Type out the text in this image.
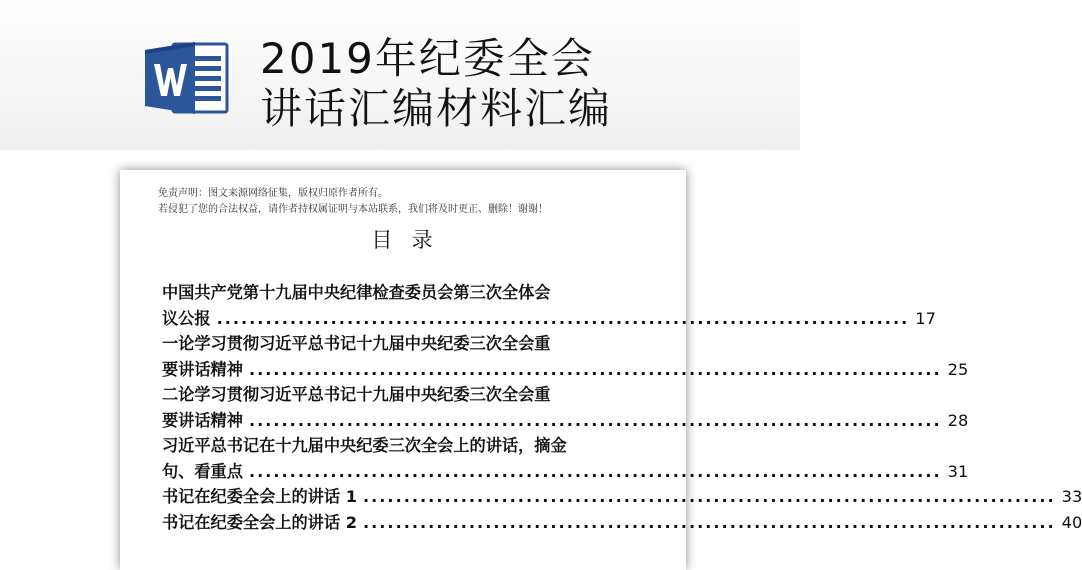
2019年纪委全会
讲话汇编材料汇编
免责声明：图文来源网络征集，版权归原作者所有。
若侵犯了您的合法权益，请作者持权属证明与本站联系，我们将及时更正、删除！谢谢！
目  录
中国共产党第十九届中央纪律检查委员会第三次全体会
议公报 ..................................................................................... 17
一论学习贯彻习近平总书记十九届中央纪委三次全会重
要讲话精神 ..................................................................................... 25
二论学习贯彻习近平总书记十九届中央纪委三次全会重
要讲话精神 ..................................................................................... 28
习近平总书记在十九届中央纪委三次全会上的讲话，摘金
句、看重点 ..................................................................................... 31
书记在纪委全会上的讲话 1 ..................................................................................... 33
书记在纪委全会上的讲话 2 ..................................................................................... 40
